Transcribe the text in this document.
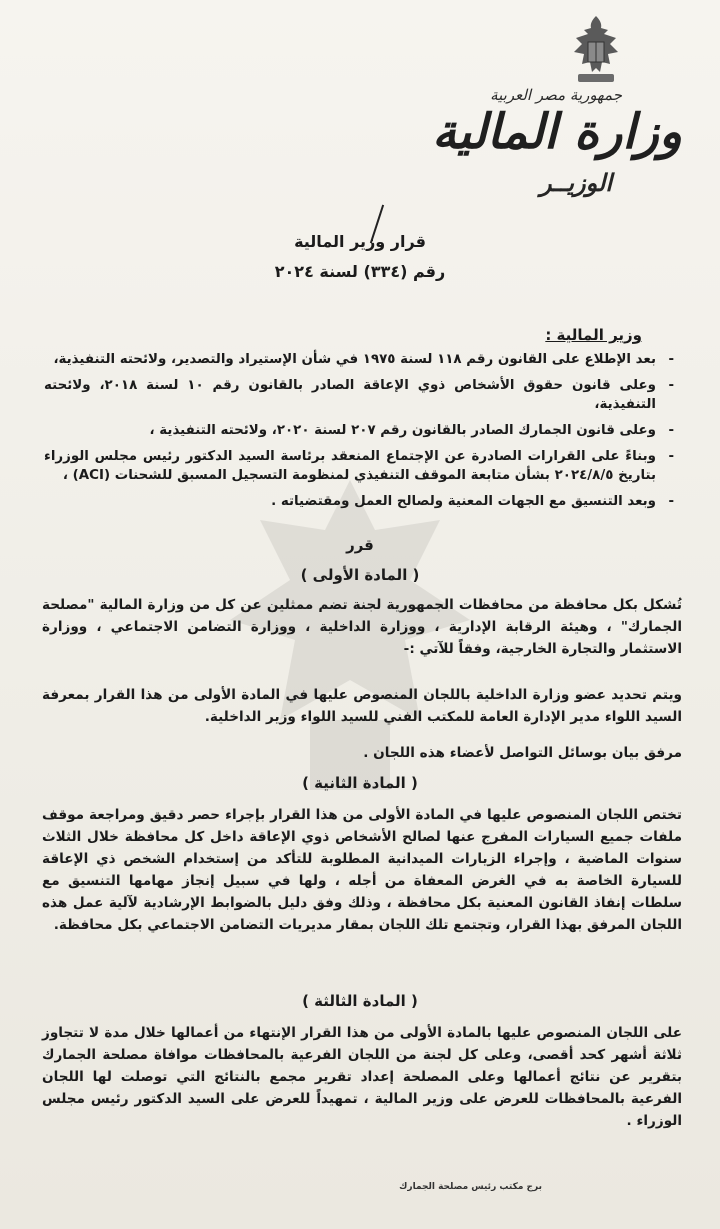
جمهورية مصر العربية
وزارة المالية
الوزيــر
قرار وزير المالية
رقم (٣٣٤) لسنة ٢٠٢٤
وزير المالية :
- بعد الإطلاع على القانون رقم ١١٨ لسنة ١٩٧٥ في شأن الإستيراد والتصدير، ولائحته التنفيذية،
- وعلى قانون حقوق الأشخاص ذوي الإعاقة الصادر بالقانون رقم ١٠ لسنة ٢٠١٨، ولائحته التنفيذية،
- وعلى قانون الجمارك الصادر بالقانون رقم ٢٠٧ لسنة ٢٠٢٠، ولائحته التنفيذية ،
- وبناءً على القرارات الصادرة عن الإجتماع المنعقد برئاسة السيد الدكتور رئيس مجلس الوزراء بتاريخ ٢٠٢٤/٨/٥ بشأن متابعة الموقف التنفيذي لمنظومة التسجيل المسبق للشحنات (ACI) ،
- وبعد التنسيق مع الجهات المعنية ولصالح العمل ومقتضياته .
قرر
( المادة الأولى )

تُشكل بكل محافظة من محافظات الجمهورية لجنة تضم ممثلين عن كل من وزارة المالية "مصلحة الجمارك" ، وهيئة الرقابة الإدارية ، ووزارة الداخلية ، ووزارة التضامن الاجتماعي ، ووزارة الاستثمار والتجارة الخارجية، وفقاً للآتي :-

ويتم تحديد عضو وزارة الداخلية باللجان المنصوص عليها في المادة الأولى من هذا القرار بمعرفة السيد اللواء مدير الإدارة العامة للمكتب الفني للسيد اللواء وزير الداخلية.

مرفق بيان بوسائل التواصل لأعضاء هذه اللجان .

( المادة الثانية )

تختص اللجان المنصوص عليها في المادة الأولى من هذا القرار بإجراء حصر دقيق ومراجعة موقف ملفات جميع السيارات المفرج عنها لصالح الأشخاص ذوي الإعاقة داخل كل محافظة خلال الثلاث سنوات الماضية ، وإجراء الزيارات الميدانية المطلوبة للتأكد من إستخدام الشخص ذي الإعاقة للسيارة الخاصة به في الغرض المعفاة من أجله ، ولها في سبيل إنجاز مهامها التنسيق مع سلطات إنفاذ القانون المعنية بكل محافظة ، وذلك وفق دليل بالضوابط الإرشادية لآلية عمل هذه اللجان المرفق بهذا القرار، وتجتمع تلك اللجان بمقار مديريات التضامن الاجتماعي بكل محافظة.

( المادة الثالثة )

على اللجان المنصوص عليها بالمادة الأولى من هذا القرار الإنتهاء من أعمالها خلال مدة لا تتجاوز ثلاثة أشهر كحد أقصى، وعلى كل لجنة من اللجان الفرعية بالمحافظات موافاة مصلحة الجمارك بتقرير عن نتائج أعمالها وعلى المصلحة إعداد تقرير مجمع بالنتائج التي توصلت لها اللجان الفرعية بالمحافظات للعرض على وزير المالية ، تمهيداً للعرض على السيد الدكتور رئيس مجلس الوزراء .

برج مكتب رئيس مصلحة الجمارك
